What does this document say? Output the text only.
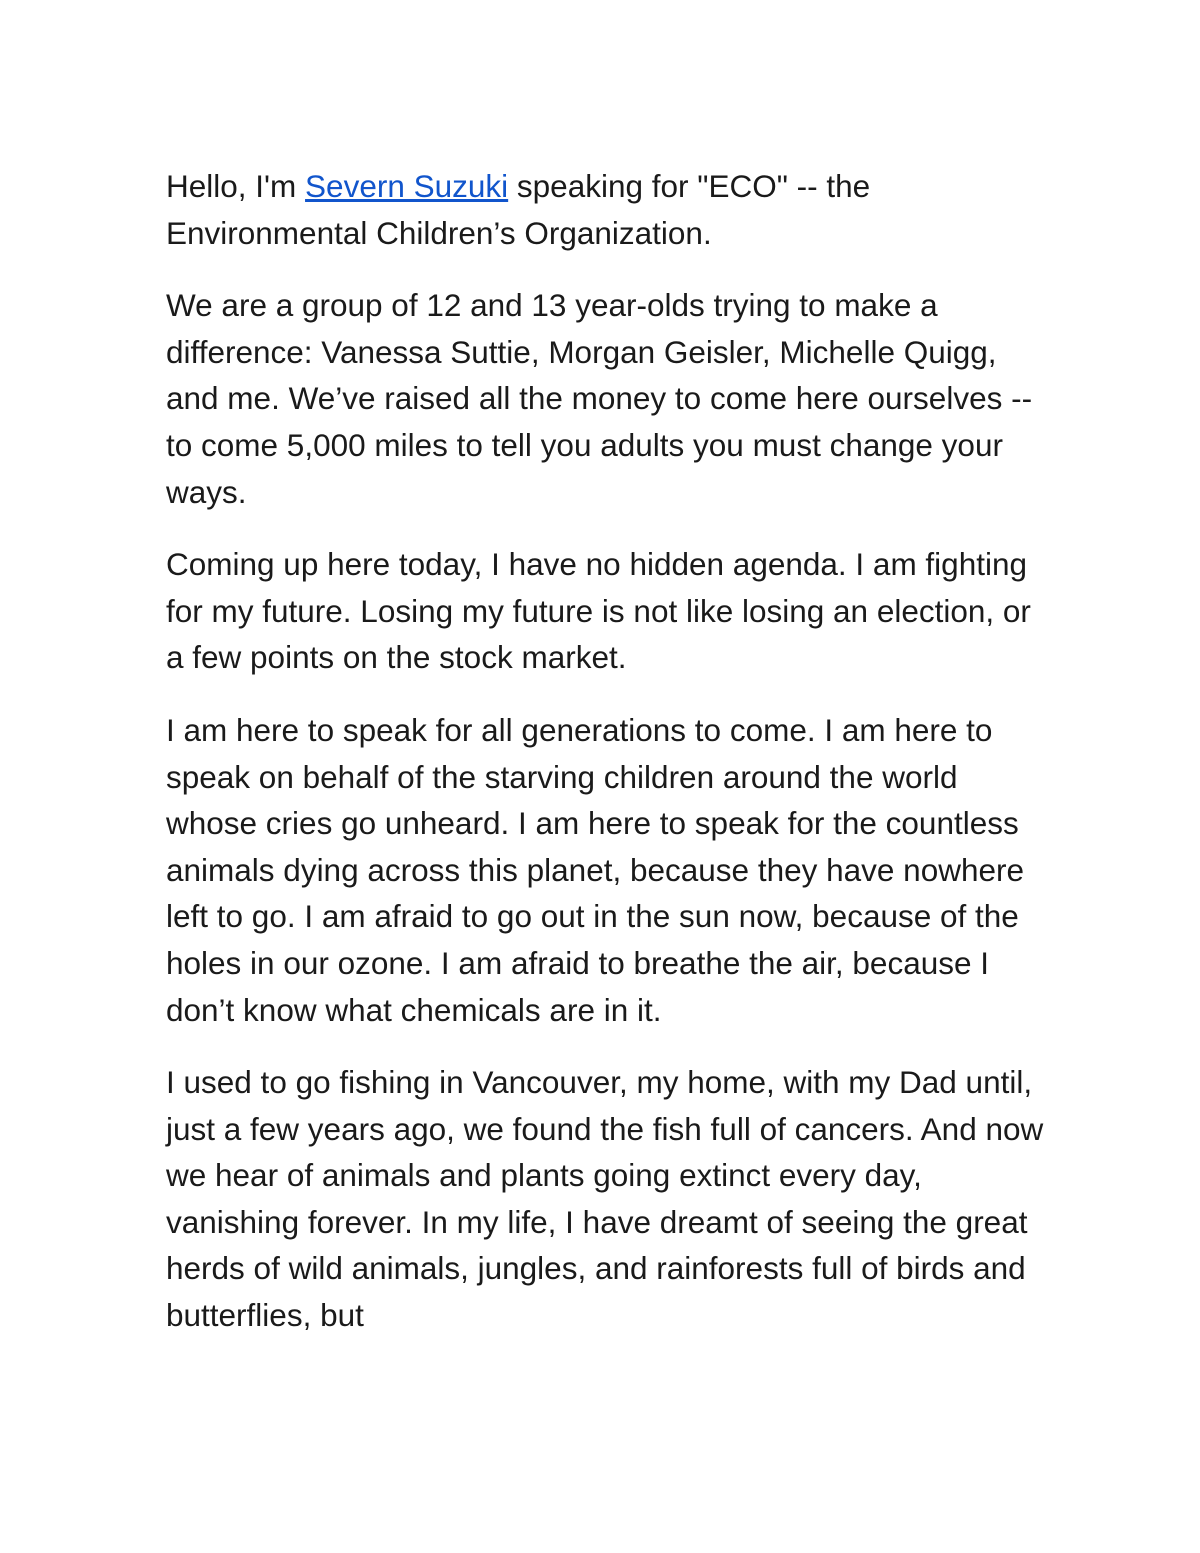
Hello, I'm Severn Suzuki speaking for "ECO" -- the Environmental Children’s Organization.

We are a group of 12 and 13 year-olds trying to make a difference: Vanessa Suttie, Morgan Geisler, Michelle Quigg, and me. We’ve raised all the money to come here ourselves -- to come 5,000 miles to tell you adults you must change your ways.

Coming up here today, I have no hidden agenda. I am fighting for my future. Losing my future is not like losing an election, or a few points on the stock market.

I am here to speak for all generations to come. I am here to speak on behalf of the starving children around the world whose cries go unheard. I am here to speak for the countless animals dying across this planet, because they have nowhere left to go. I am afraid to go out in the sun now, because of the holes in our ozone. I am afraid to breathe the air, because I don’t know what chemicals are in it.

I used to go fishing in Vancouver, my home, with my Dad until, just a few years ago, we found the fish full of cancers. And now we hear of animals and plants going extinct every day, vanishing forever. In my life, I have dreamt of seeing the great herds of wild animals, jungles, and rainforests full of birds and butterflies, but
